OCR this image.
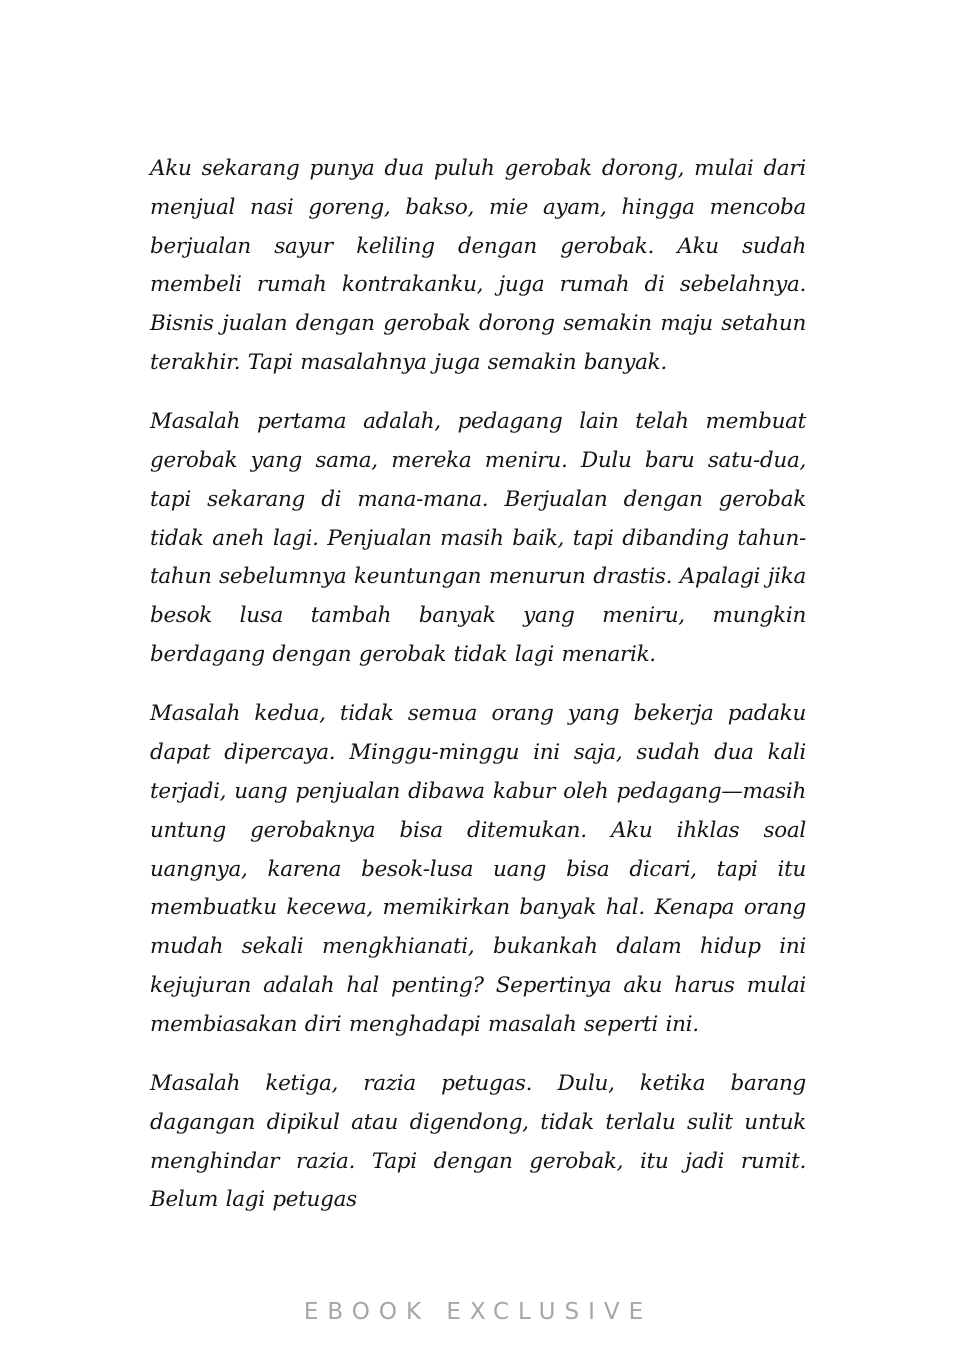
Aku sekarang punya dua puluh gerobak dorong, mulai dari menjual nasi goreng, bakso, mie ayam, hingga mencoba berjualan sayur keliling dengan gerobak. Aku sudah membeli rumah kontrakanku, juga rumah di sebelahnya. Bisnis jualan dengan gerobak dorong semakin maju setahun terakhir. Tapi masalahnya juga semakin banyak.

Masalah pertama adalah, pedagang lain telah membuat gerobak yang sama, mereka meniru. Dulu baru satu-dua, tapi sekarang di mana-mana. Berjualan dengan gerobak tidak aneh lagi. Penjualan masih baik, tapi dibanding tahun-tahun sebelumnya keuntungan menurun drastis. Apalagi jika besok lusa tambah banyak yang meniru, mungkin berdagang dengan gerobak tidak lagi menarik.

Masalah kedua, tidak semua orang yang bekerja padaku dapat dipercaya. Minggu-minggu ini saja, sudah dua kali terjadi, uang penjualan dibawa kabur oleh pedagang—masih untung gerobaknya bisa ditemukan. Aku ihklas soal uangnya, karena besok-lusa uang bisa dicari, tapi itu membuatku kecewa, memikirkan banyak hal. Kenapa orang mudah sekali mengkhianati, bukankah dalam hidup ini kejujuran adalah hal penting? Sepertinya aku harus mulai membiasakan diri menghadapi masalah seperti ini.

Masalah ketiga, razia petugas. Dulu, ketika barang dagangan dipikul atau digendong, tidak terlalu sulit untuk menghindar razia. Tapi dengan gerobak, itu jadi rumit. Belum lagi petugas

EBOOK EXCLUSIVE
